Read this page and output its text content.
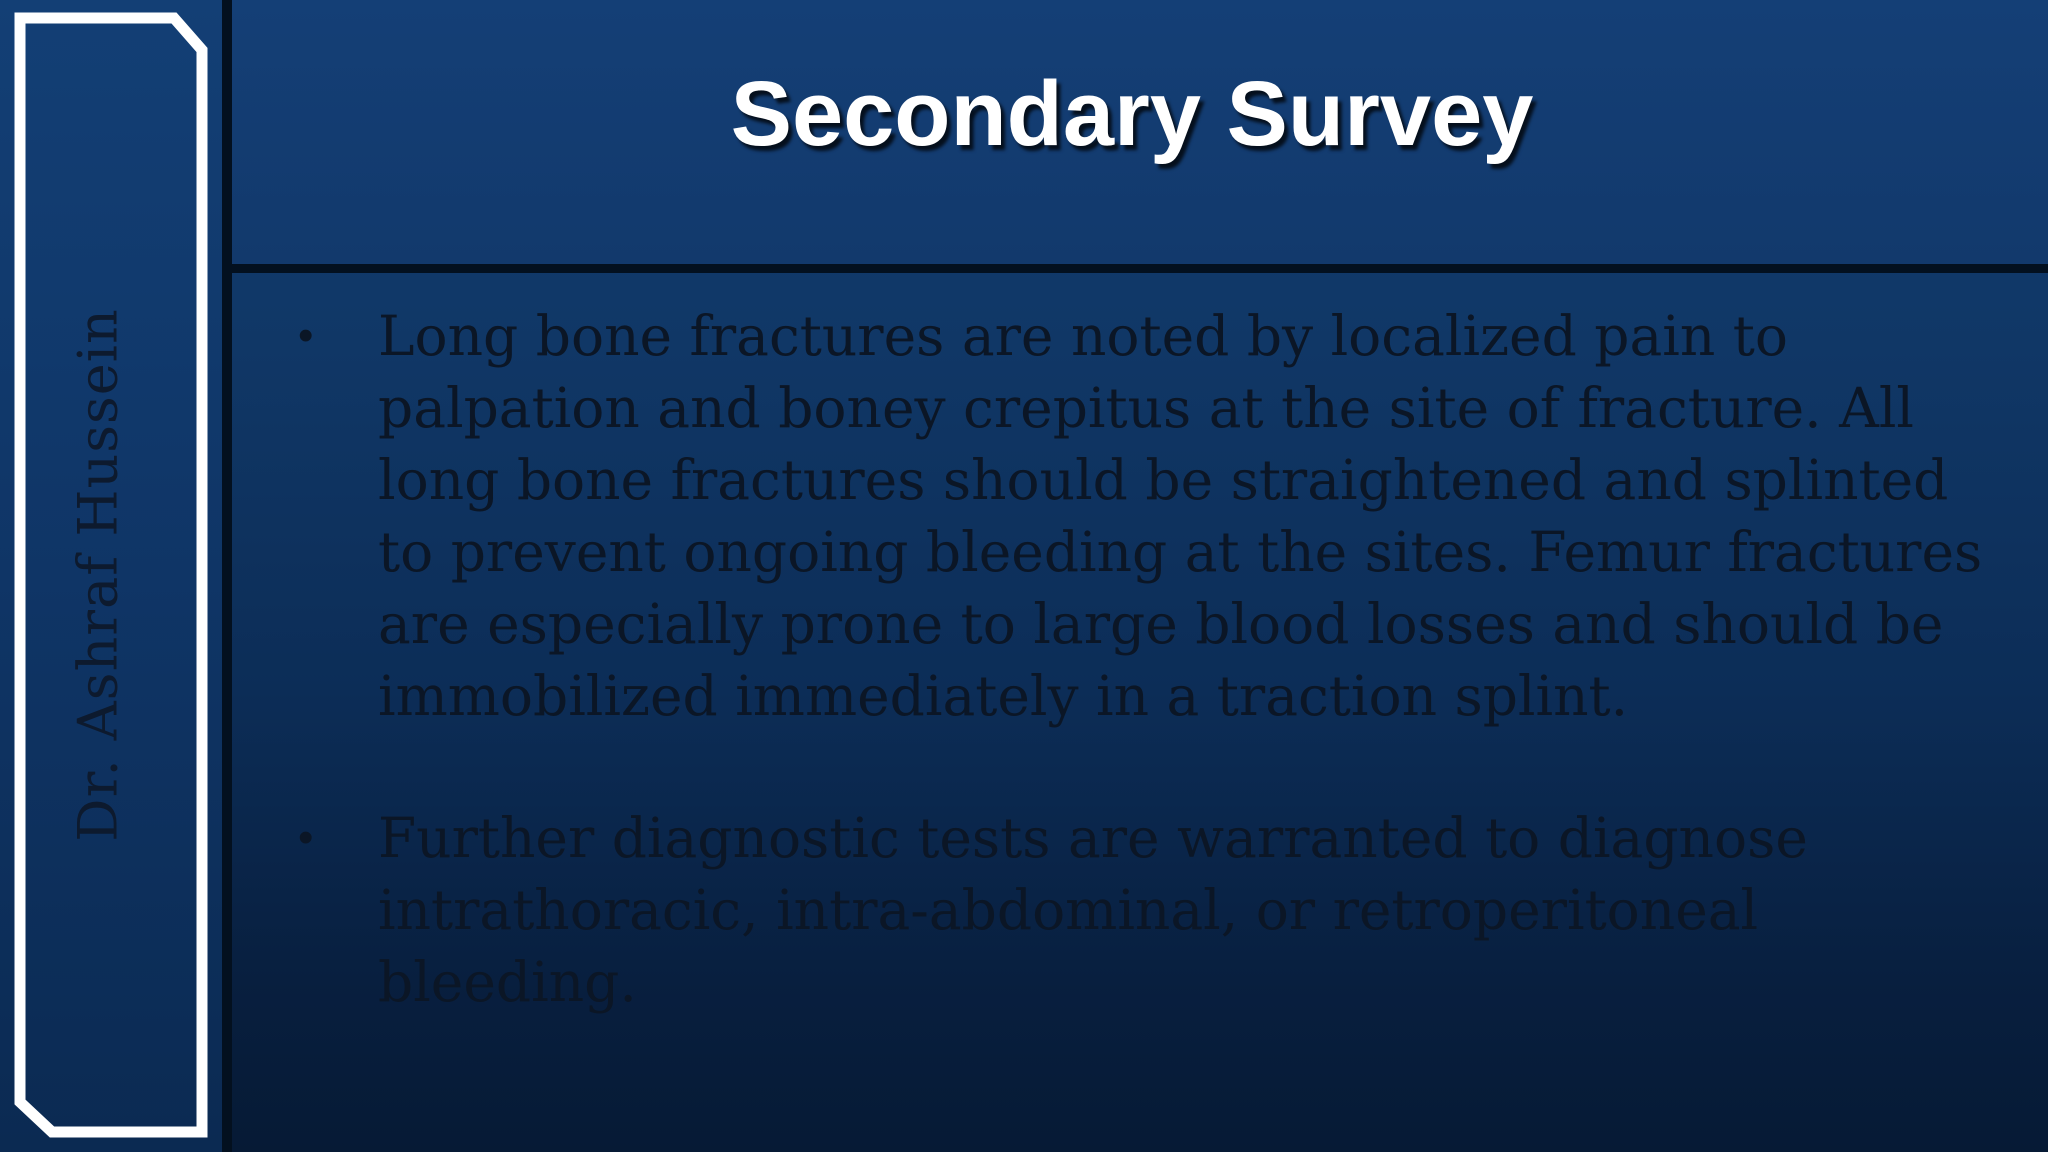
Dr. Ashraf Hussein
Secondary Survey

• Long bone fractures are noted by localized pain to palpation and boney crepitus at the site of fracture. All long bone fractures should be straightened and splinted to prevent ongoing bleeding at the sites. Femur fractures are especially prone to large blood losses and should be immobilized immediately in a traction splint.

• Further diagnostic tests are warranted to diagnose intrathoracic, intra-abdominal, or retroperitoneal bleeding.
